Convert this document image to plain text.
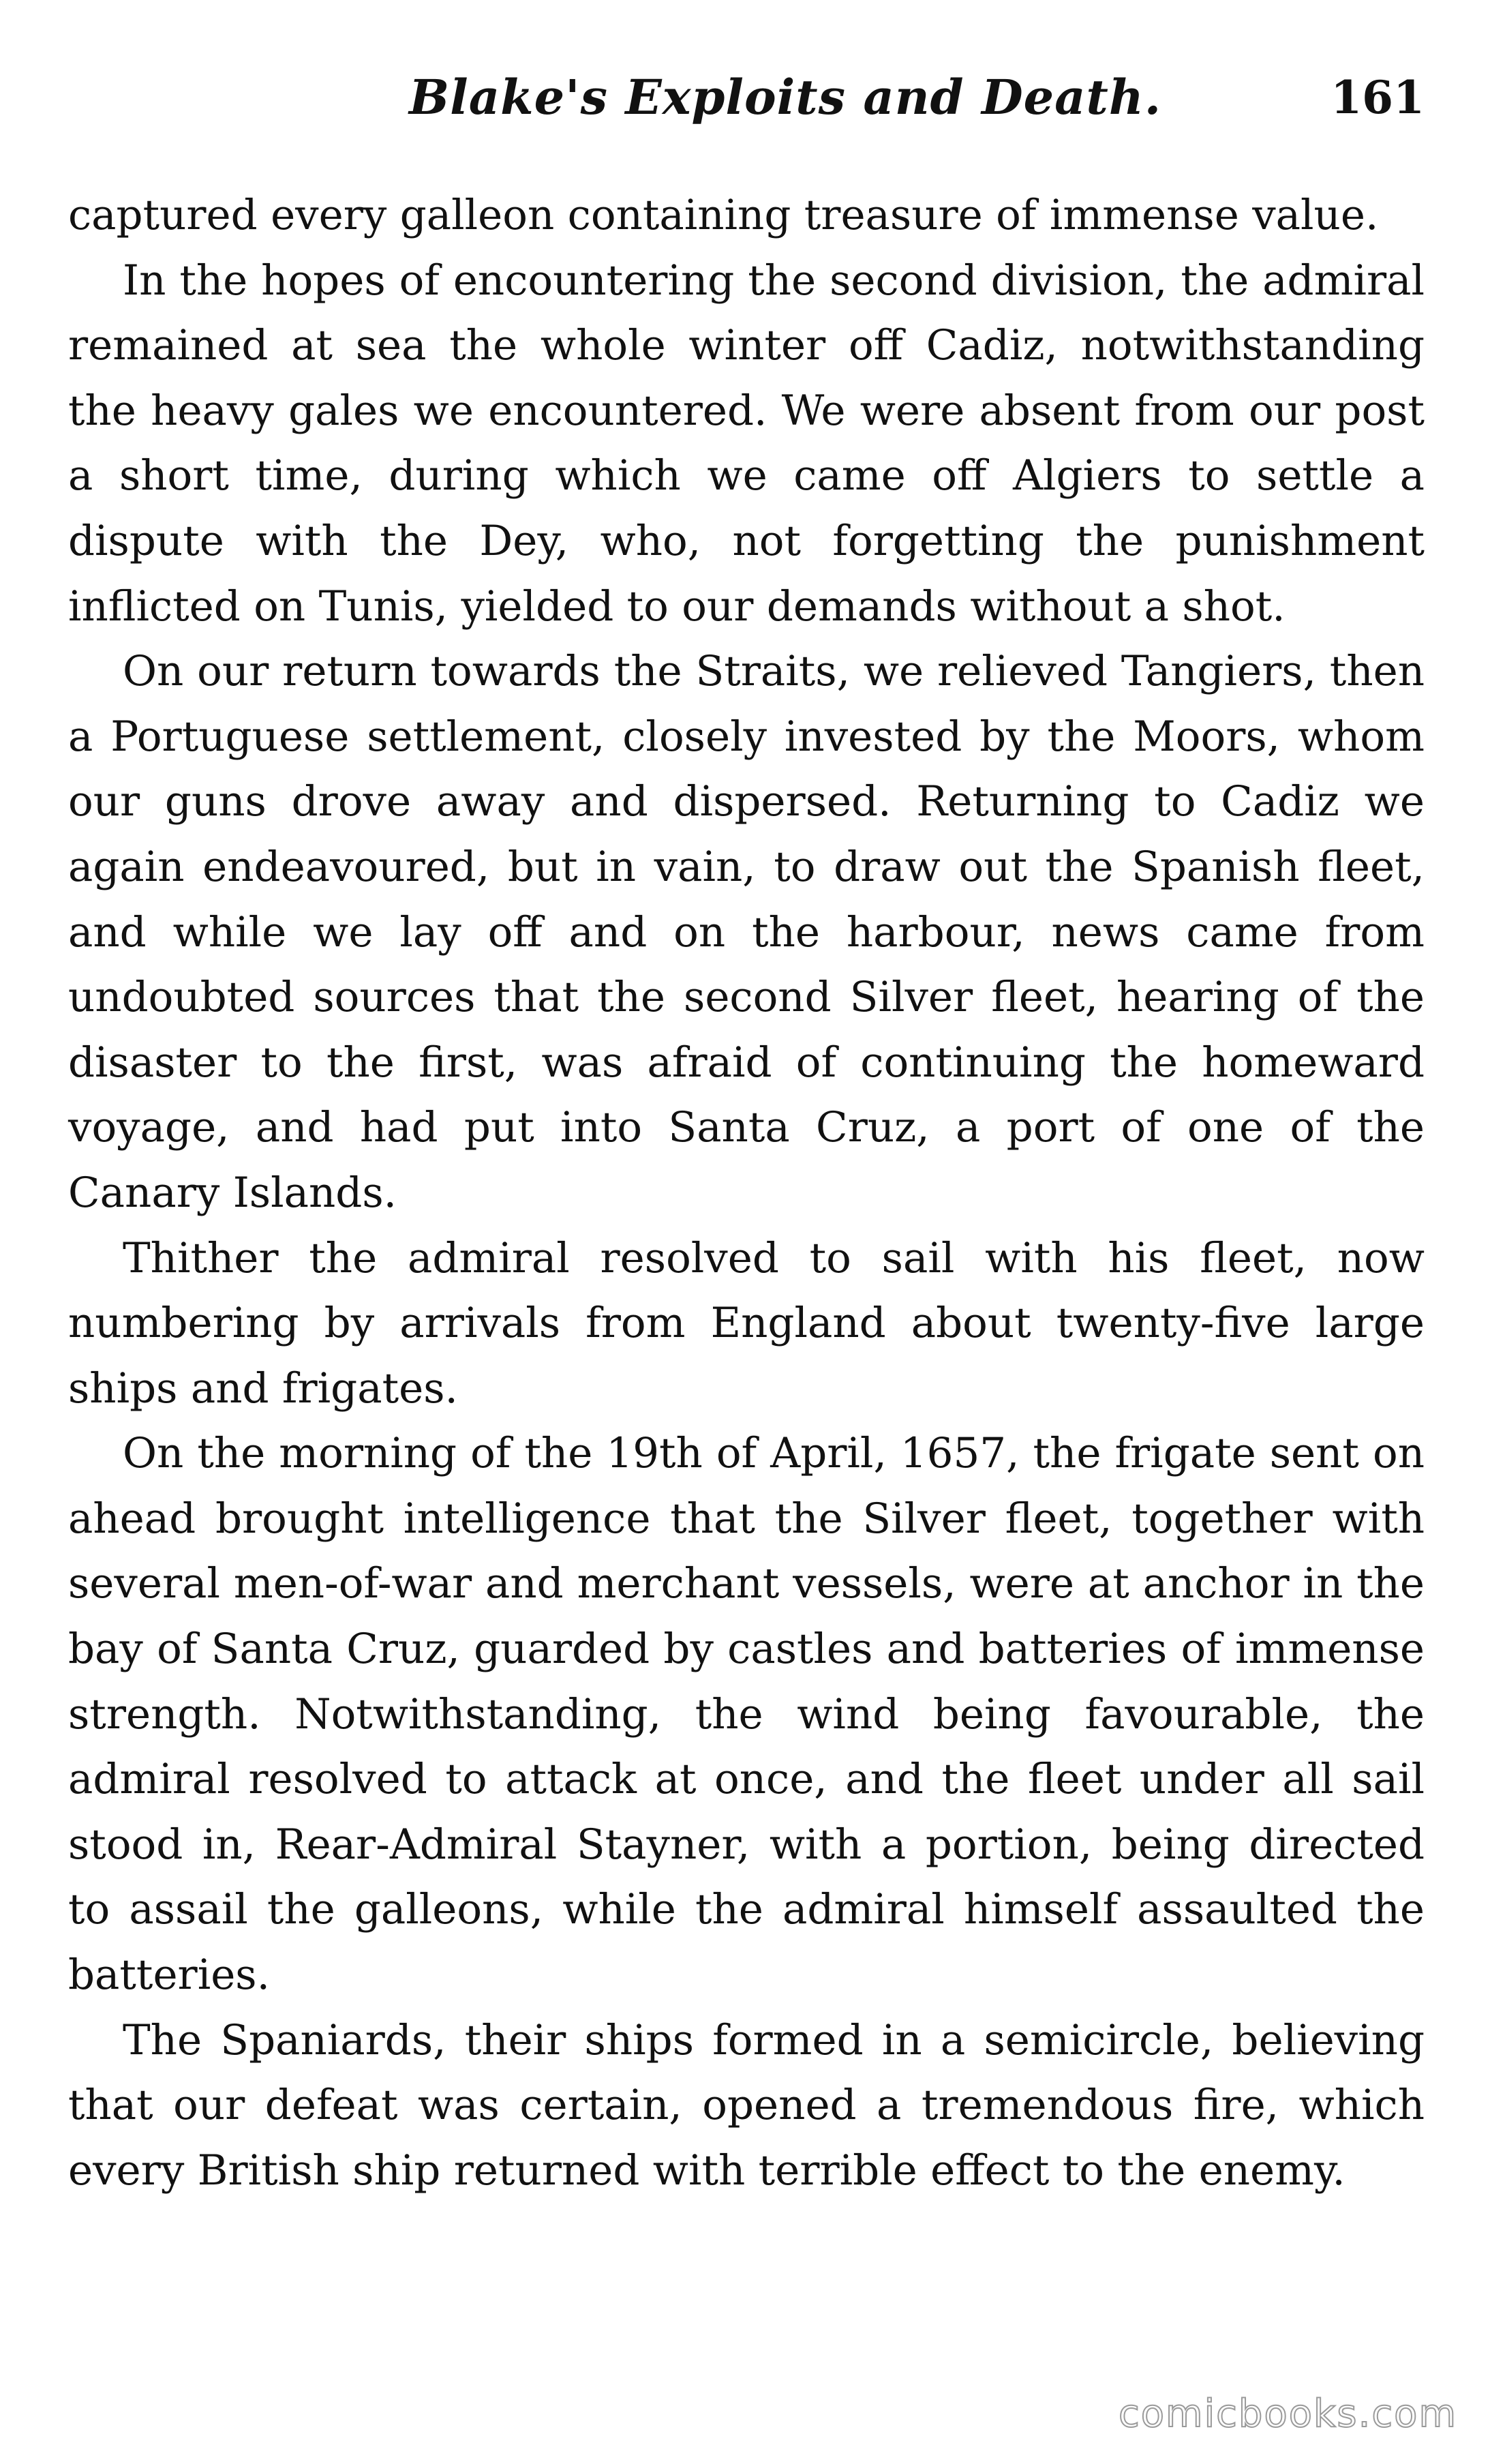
Blake's Exploits and Death.	161

captured every galleon containing treasure of immense value.

In the hopes of encountering the second division, the admiral remained at sea the whole winter off Cadiz, notwithstanding the heavy gales we encountered. We were absent from our post a short time, during which we came off Algiers to settle a dispute with the Dey, who, not forgetting the punishment inflicted on Tunis, yielded to our demands without a shot.

On our return towards the Straits, we relieved Tangiers, then a Portuguese settlement, closely invested by the Moors, whom our guns drove away and dispersed. Returning to Cadiz we again endeavoured, but in vain, to draw out the Spanish fleet, and while we lay off and on the harbour, news came from undoubted sources that the second Silver fleet, hearing of the disaster to the first, was afraid of continuing the homeward voyage, and had put into Santa Cruz, a port of one of the Canary Islands.

Thither the admiral resolved to sail with his fleet, now numbering by arrivals from England about twenty-five large ships and frigates.

On the morning of the 19th of April, 1657, the frigate sent on ahead brought intelligence that the Silver fleet, together with several men-of-war and merchant vessels, were at anchor in the bay of Santa Cruz, guarded by castles and batteries of immense strength. Notwithstanding, the wind being favourable, the admiral resolved to attack at once, and the fleet under all sail stood in, Rear-Admiral Stayner, with a portion, being directed to assail the galleons, while the admiral himself assaulted the batteries.

The Spaniards, their ships formed in a semicircle, believing that our defeat was certain, opened a tremendous fire, which every British ship returned with terrible effect to the enemy.

comicbooks.com
